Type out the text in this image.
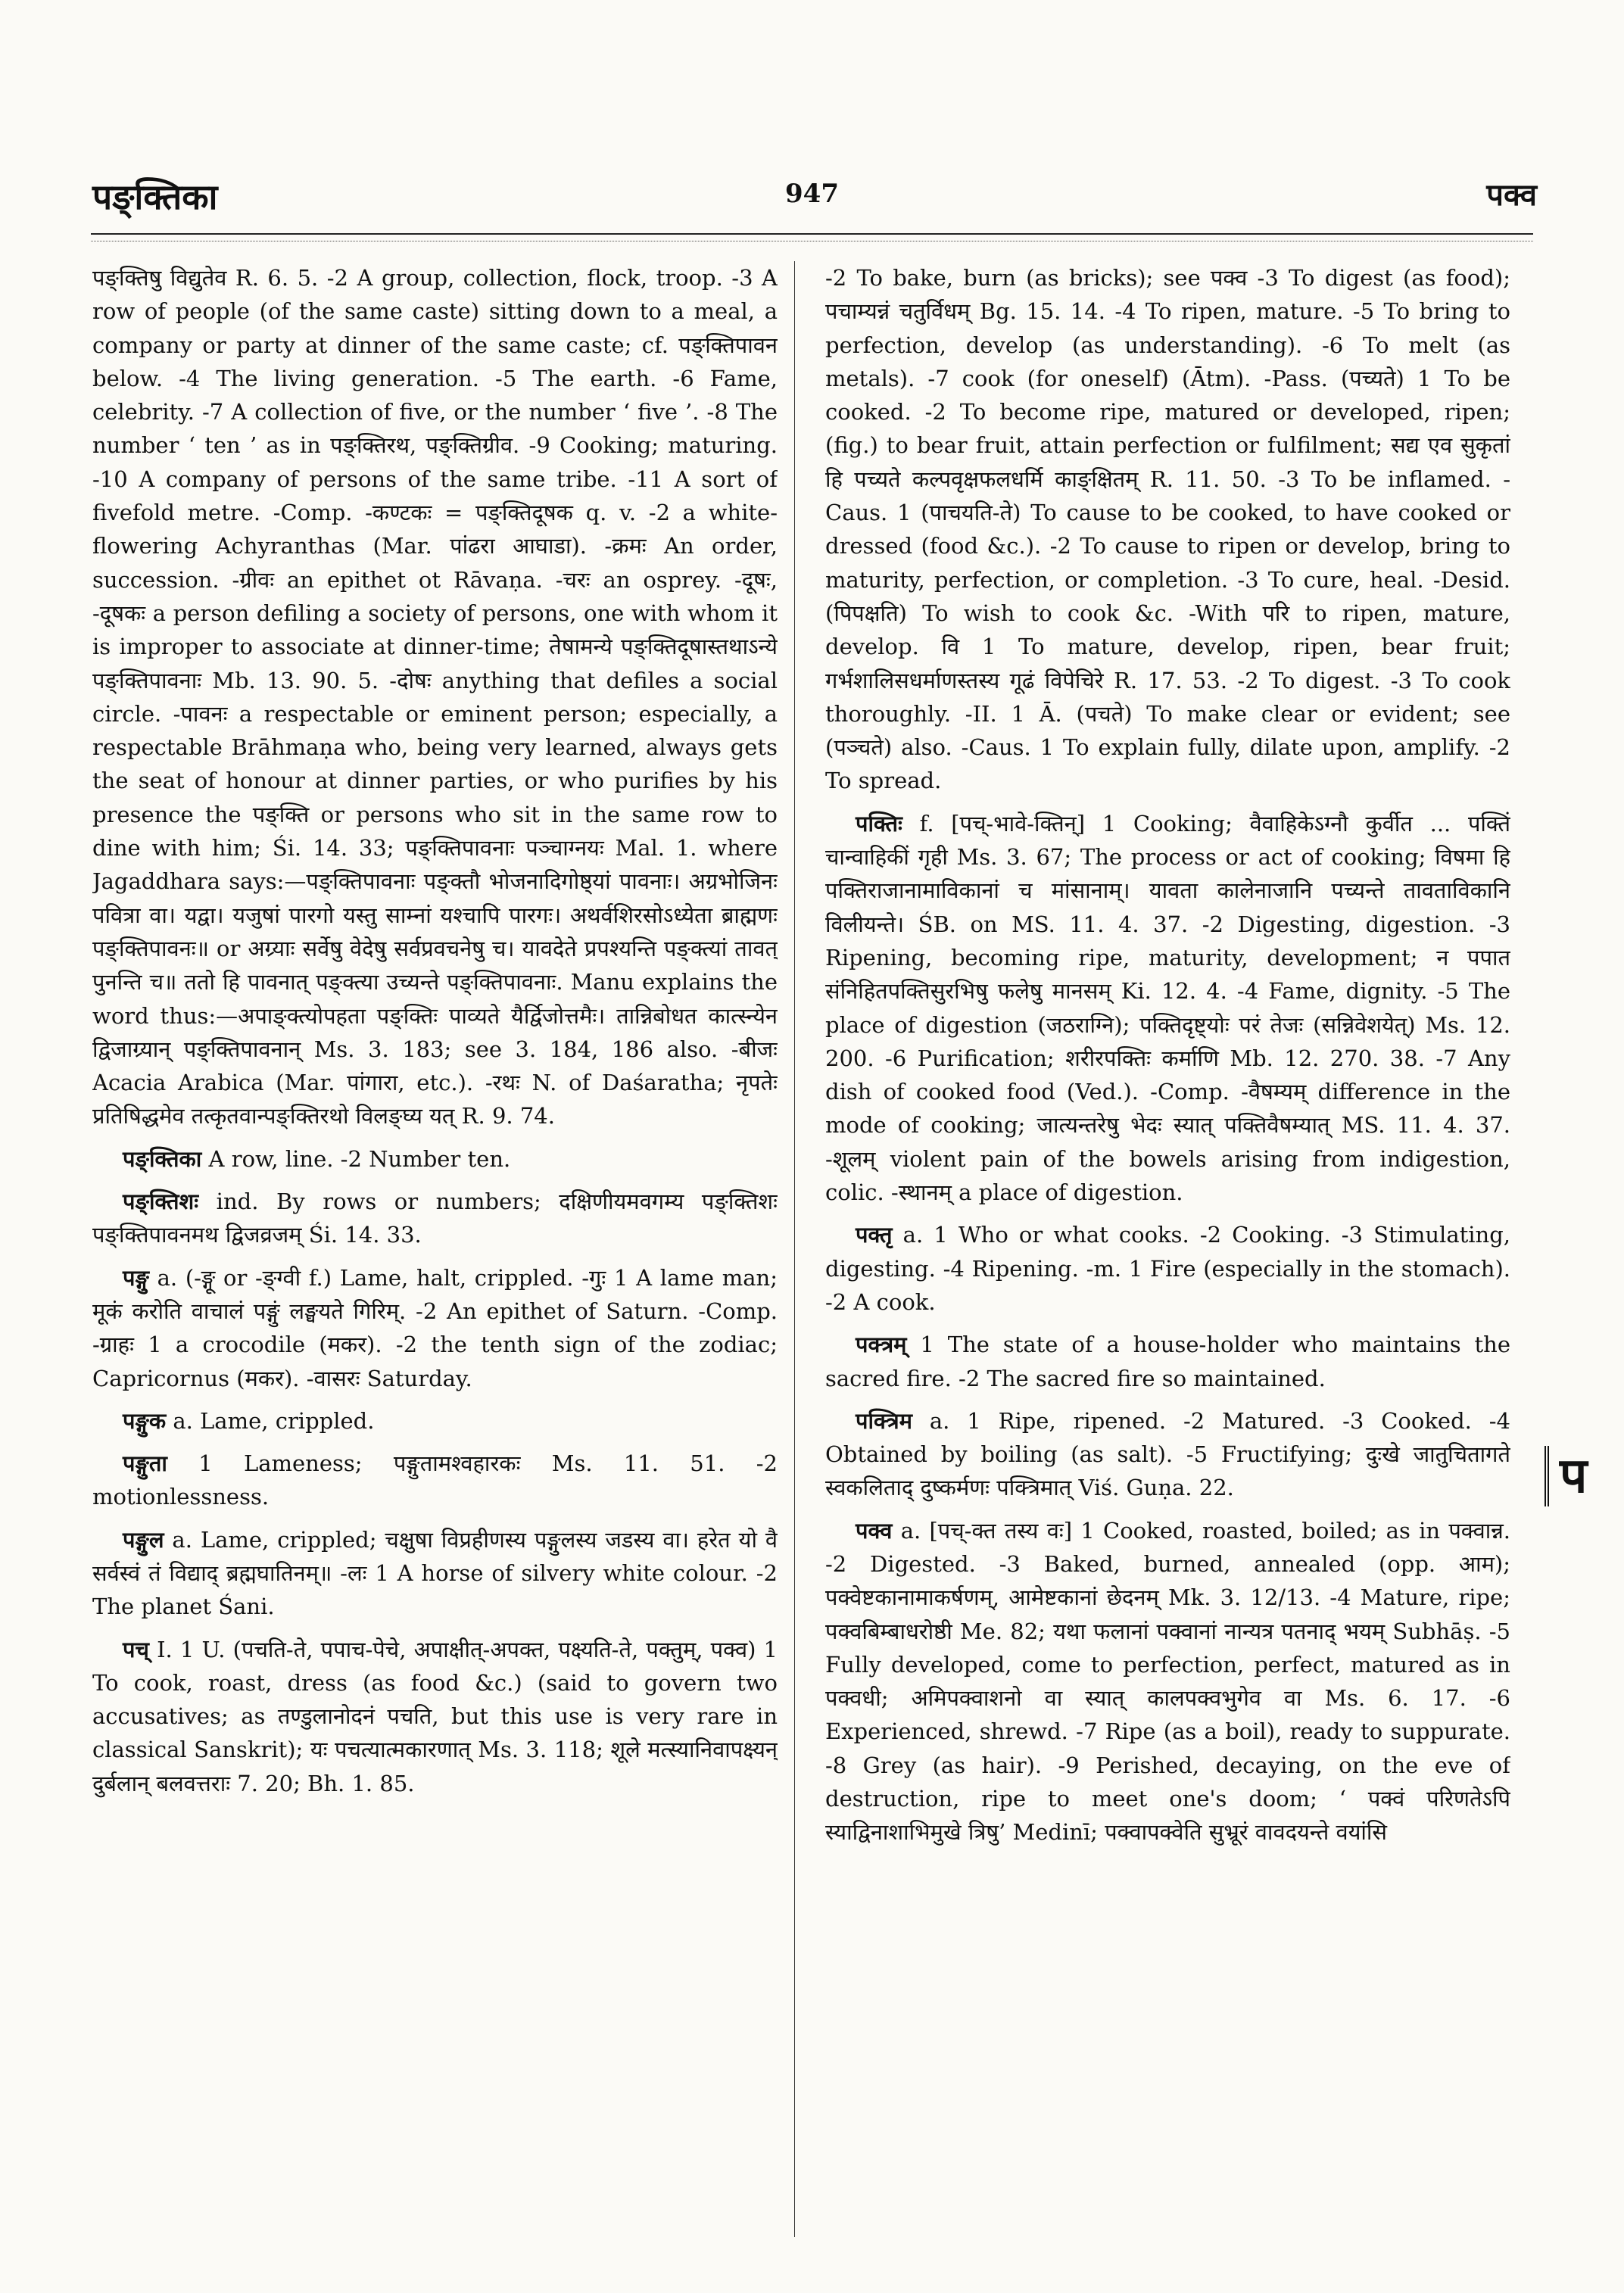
पङ्क्तिका	947	पक्व

पङ्क्तिषु विद्युतेव R. 6. 5. -2 A group, collection, flock, troop. -3 A row of people (of the same caste) sitting down to a meal, a company or party at dinner of the same caste; cf. पङ्क्तिपावन below. -4 The living generation. -5 The earth. -6 Fame, celebrity. -7 A collection of five, or the number ‘ five ’. -8 The number ‘ ten ’ as in पङ्क्तिरथ, पङ्क्तिग्रीव. -9 Cooking; maturing. -10 A company of persons of the same tribe. -11 A sort of fivefold metre. -Comp. -कण्टकः = पङ्क्तिदूषक q. v. -2 a white-flowering Achyranthas (Mar. पांढरा आघाडा). -क्रमः An order, succession. -ग्रीवः an epithet ot Rāvaṇa. -चरः an osprey. -दूषः, -दूषकः a person defiling a society of persons, one with whom it is improper to associate at dinner-time; तेषामन्ये पङ्क्तिदूषास्तथाऽन्ये पङ्क्तिपावनाः Mb. 13. 90. 5. -दोषः anything that defiles a social circle. -पावनः a respectable or eminent person; especially, a respectable Brāhmaṇa who, being very learned, always gets the seat of honour at dinner parties, or who purifies by his presence the पङ्क्ति or persons who sit in the same row to dine with him; Śi. 14. 33; पङ्क्तिपावनाः पञ्चाग्नयः Mal. 1. where Jagaddhara says:—पङ्क्तिपावनाः पङ्क्तौ भोजनादिगोष्ठ्यां पावनाः। अग्रभोजिनः पवित्रा वा। यद्वा। यजुषां पारगो यस्तु साम्नां यश्चापि पारगः। अथर्वशिरसोऽध्येता ब्राह्मणः पङ्क्तिपावनः॥ or अग्र्याः सर्वेषु वेदेषु सर्वप्रवचनेषु च। यावदेते प्रपश्यन्ति पङ्क्त्यां तावत् पुनन्ति च॥ ततो हि पावनात् पङ्क्त्या उच्यन्ते पङ्क्तिपावनाः. Manu explains the word thus:—अपाङ्क्त्योपहता पङ्क्तिः पाव्यते यैर्द्विजोत्तमैः। तान्निबोधत कात्स्न्येन द्विजाग्र्यान् पङ्क्तिपावनान् Ms. 3. 183; see 3. 184, 186 also. -बीजः Acacia Arabica (Mar. पांगारा, etc.). -रथः N. of Daśaratha; नृपतेः प्रतिषिद्धमेव तत्कृतवान्पङ्क्तिरथो विलङ्घ्य यत् R. 9. 74.

पङ्क्तिका A row, line. -2 Number ten.

पङ्क्तिशः ind. By rows or numbers; दक्षिणीयमवगम्य पङ्क्तिशः पङ्क्तिपावनमथ द्विजव्रजम् Śi. 14. 33.

पङ्गु a. (-ङ्गू or -ङ्ग्वी f.) Lame, halt, crippled. -गुः 1 A lame man; मूकं करोति वाचालं पङ्गुं लङ्घयते गिरिम्. -2 An epithet of Saturn. -Comp. -ग्राहः 1 a crocodile (मकर). -2 the tenth sign of the zodiac; Capricornus (मकर). -वासरः Saturday.

पङ्गुक a. Lame, crippled.

पङ्गुता 1 Lameness; पङ्गुतामश्वहारकः Ms. 11. 51. -2 motionlessness.

पङ्गुल a. Lame, crippled; चक्षुषा विप्रहीणस्य पङ्गुलस्य जडस्य वा। हरेत यो वै सर्वस्वं तं विद्याद् ब्रह्मघातिनम्॥ -लः 1 A horse of silvery white colour. -2 The planet Śani.

पच् I. 1 U. (पचति-ते, पपाच-पेचे, अपाक्षीत्-अपक्त, पक्ष्यति-ते, पक्तुम्, पक्व) 1 To cook, roast, dress (as food &c.) (said to govern two accusatives; as तण्डुलानोदनं पचति, but this use is very rare in classical Sanskrit); यः पचत्यात्मकारणात् Ms. 3. 118; शूले मत्स्यानिवापक्ष्यन् दुर्बलान् बलवत्तराः 7. 20; Bh. 1. 85.

-2 To bake, burn (as bricks); see पक्व -3 To digest (as food); पचाम्यन्नं चतुर्विधम् Bg. 15. 14. -4 To ripen, mature. -5 To bring to perfection, develop (as understanding). -6 To melt (as metals). -7 cook (for oneself) (Ātm). -Pass. (पच्यते) 1 To be cooked. -2 To become ripe, matured or developed, ripen; (fig.) to bear fruit, attain perfection or fulfilment; सद्य एव सुकृतां हि पच्यते कल्पवृक्षफलधर्मि काङ्क्षितम् R. 11. 50. -3 To be inflamed. -Caus. 1 (पाचयति-ते) To cause to be cooked, to have cooked or dressed (food &c.). -2 To cause to ripen or develop, bring to maturity, perfection, or completion. -3 To cure, heal. -Desid. (पिपक्षति) To wish to cook &c. -With परि to ripen, mature, develop. वि 1 To mature, develop, ripen, bear fruit; गर्भशालिसधर्माणस्तस्य गूढं विपेचिरे R. 17. 53. -2 To digest. -3 To cook thoroughly. -II. 1 Ā. (पचते) To make clear or evident; see (पञ्चते) also. -Caus. 1 To explain fully, dilate upon, amplify. -2 To spread.

पक्तिः f. [पच्-भावे-क्तिन्] 1 Cooking; वैवाहिकेऽग्नौ कुर्वीत ... पक्तिं चान्वाहिकीं गृही Ms. 3. 67; The process or act of cooking; विषमा हि पक्तिराजानामाविकानां च मांसानाम्। यावता कालेनाजानि पच्यन्ते तावताविकानि विलीयन्ते। ŚB. on MS. 11. 4. 37. -2 Digesting, digestion. -3 Ripening, becoming ripe, maturity, development; न पपात संनिहितपक्तिसुरभिषु फलेषु मानसम् Ki. 12. 4. -4 Fame, dignity. -5 The place of digestion (जठराग्नि); पक्तिदृष्ट्योः परं तेजः (सन्निवेशयेत्) Ms. 12. 200. -6 Purification; शरीरपक्तिः कर्माणि Mb. 12. 270. 38. -7 Any dish of cooked food (Ved.). -Comp. -वैषम्यम् difference in the mode of cooking; जात्यन्तरेषु भेदः स्यात् पक्तिवैषम्यात् MS. 11. 4. 37. -शूलम् violent pain of the bowels arising from indigestion, colic. -स्थानम् a place of digestion.

पक्तृ a. 1 Who or what cooks. -2 Cooking. -3 Stimulating, digesting. -4 Ripening. -m. 1 Fire (especially in the stomach). -2 A cook.

पक्त्रम् 1 The state of a house-holder who maintains the sacred fire. -2 The sacred fire so maintained.

पक्त्रिम a. 1 Ripe, ripened. -2 Matured. -3 Cooked. -4 Obtained by boiling (as salt). -5 Fructifying; दुःखे जातुचितागते स्वकलिताद् दुष्कर्मणः पक्त्रिमात् Viś. Guṇa. 22.

पक्व a. [पच्-क्त तस्य वः] 1 Cooked, roasted, boiled; as in पक्वान्न. -2 Digested. -3 Baked, burned, annealed (opp. आम); पक्वेष्टकानामाकर्षणम्, आमेष्टकानां छेदनम् Mk. 3. 12/13. -4 Mature, ripe; पक्वबिम्बाधरोष्ठी Me. 82; यथा फलानां पक्वानां नान्यत्र पतनाद् भयम् Subhāṣ. -5 Fully developed, come to perfection, perfect, matured as in पक्वधी; अमिपक्वाशनो वा स्यात् कालपक्वभुगेव वा Ms. 6. 17. -6 Experienced, shrewd. -7 Ripe (as a boil), ready to suppurate. -8 Grey (as hair). -9 Perished, decaying, on the eve of destruction, ripe to meet one's doom; ‘ पक्वं परिणतेऽपि स्याद्विनाशाभिमुखे त्रिषु’ Medinī; पक्वापक्वेति सुभ्रूरं वावदयन्ते वयांसि

प
